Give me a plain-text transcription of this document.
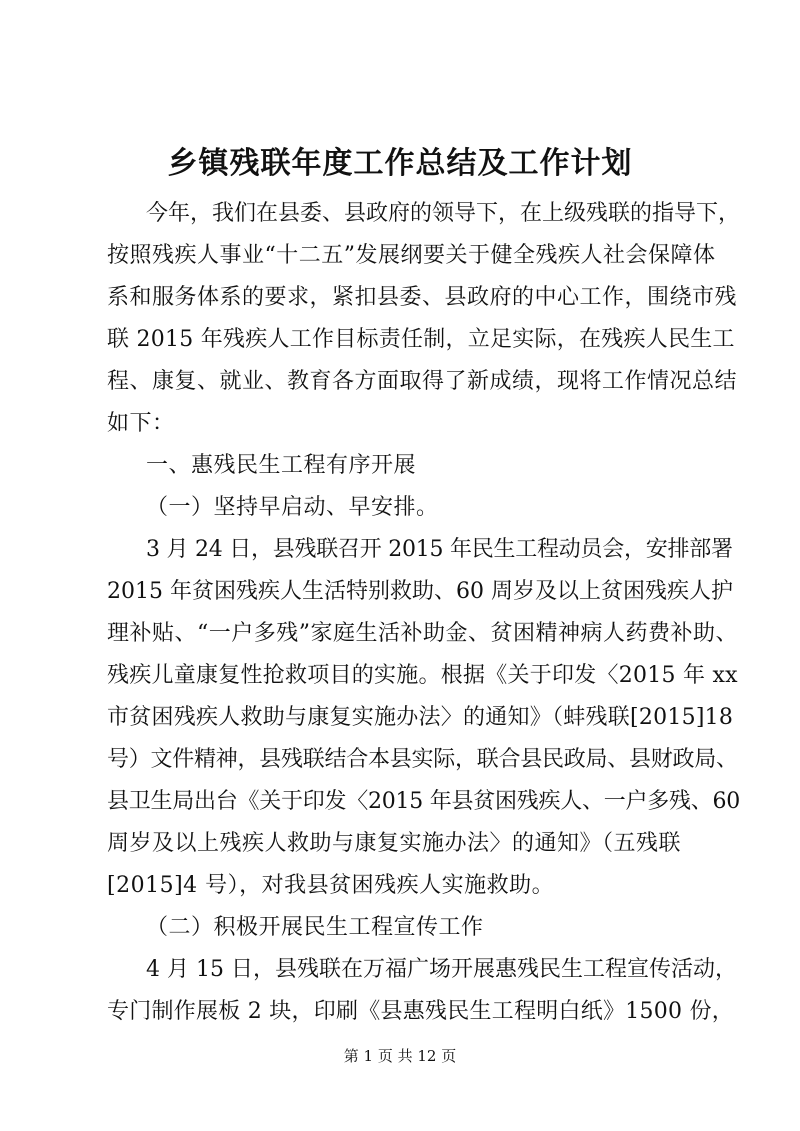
乡镇残联年度工作总结及工作计划
今年，我们在县委、县政府的领导下，在上级残联的指导下，
按照残疾人事业“十二五”发展纲要关于健全残疾人社会保障体
系和服务体系的要求，紧扣县委、县政府的中心工作，围绕市残
联 2015 年残疾人工作目标责任制，立足实际，在残疾人民生工
程、康复、就业、教育各方面取得了新成绩，现将工作情况总结
如下：
一、惠残民生工程有序开展
（一）坚持早启动、早安排。
3 月 24 日，县残联召开 2015 年民生工程动员会，安排部署
2015 年贫困残疾人生活特别救助、60 周岁及以上贫困残疾人护
理补贴、“一户多残”家庭生活补助金、贫困精神病人药费补助、
残疾儿童康复性抢救项目的实施。根据《关于印发〈2015 年 xx
市贫困残疾人救助与康复实施办法〉的通知》（蚌残联[2015]18
号）文件精神，县残联结合本县实际，联合县民政局、县财政局、
县卫生局出台《关于印发〈2015 年县贫困残疾人、一户多残、60
周岁及以上残疾人救助与康复实施办法〉的通知》（五残联
[2015]4 号），对我县贫困残疾人实施救助。
（二）积极开展民生工程宣传工作
4 月 15 日，县残联在万福广场开展惠残民生工程宣传活动，
专门制作展板 2 块，印刷《县惠残民生工程明白纸》1500 份，
第 1 页 共 12 页
